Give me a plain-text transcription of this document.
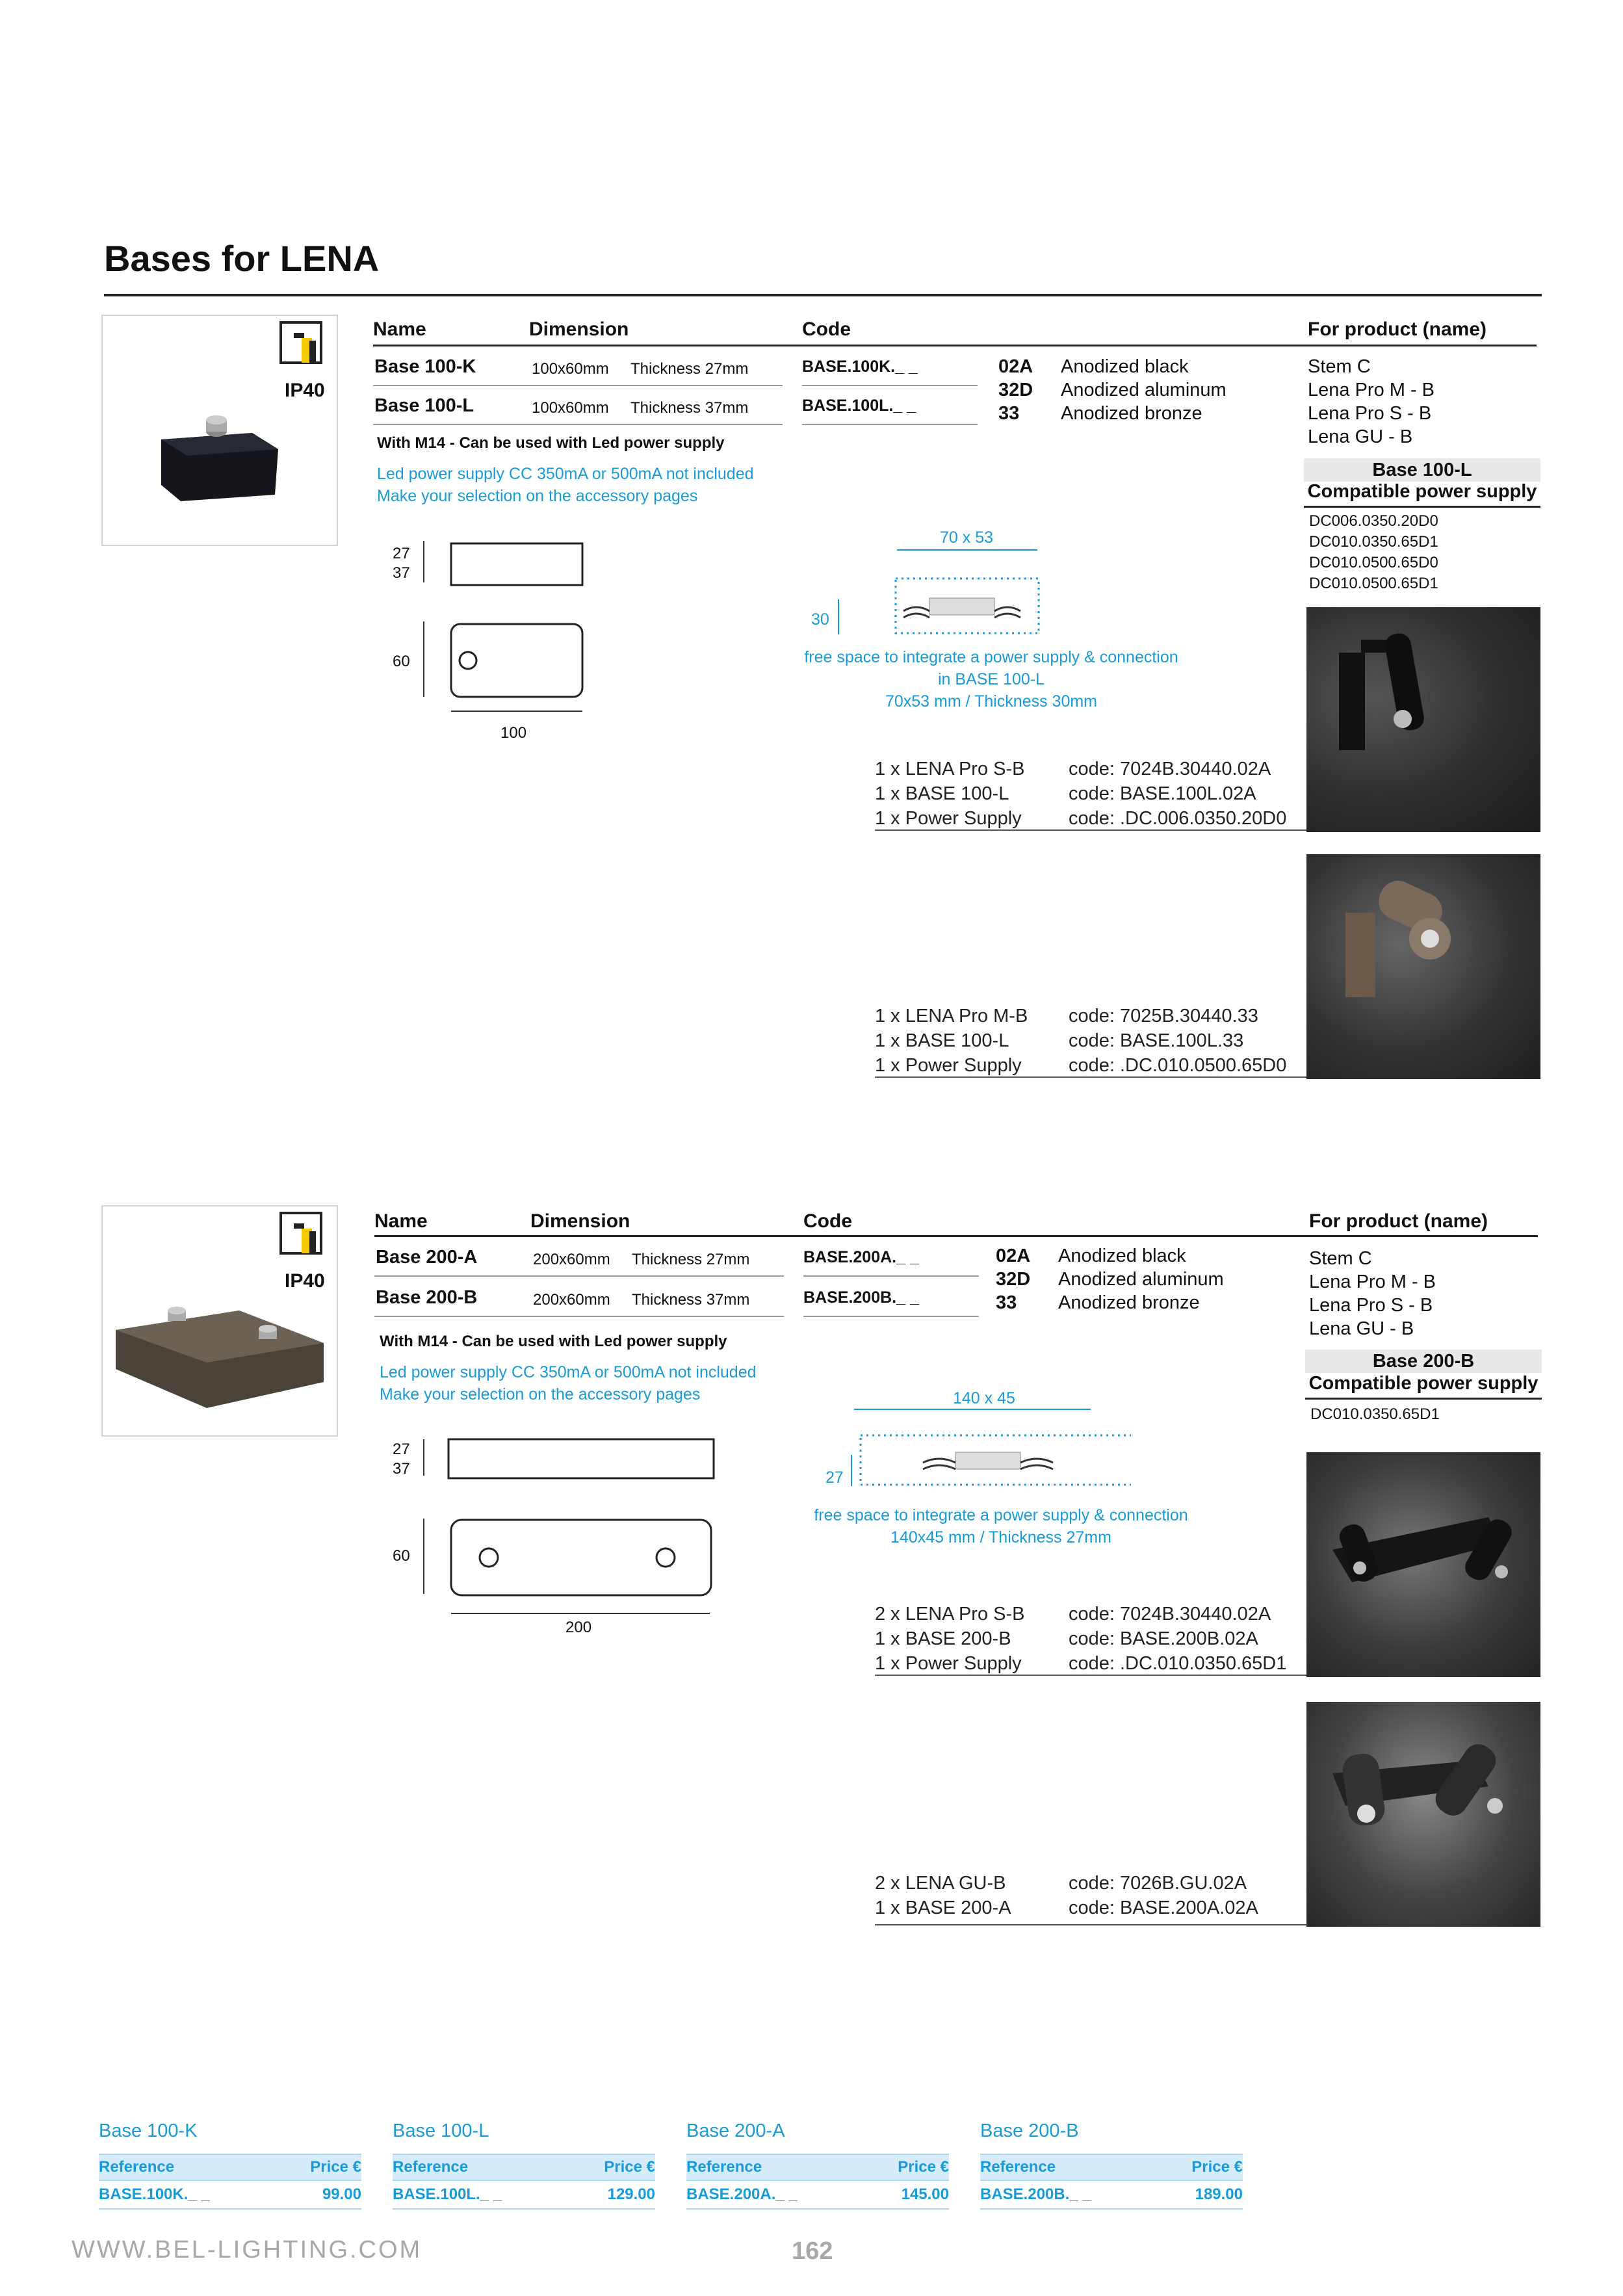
Bases for LENA
IP40
Name	Dimension	Code	For product (name)
Base 100-K	100x60mm Thickness 27mm	BASE.100K._ _
Base 100-L	100x60mm Thickness 37mm	BASE.100L._ _
02A Anodized black
32D Anodized aluminum
33 Anodized bronze
Stem C
Lena Pro M - B
Lena Pro S - B
Lena GU - B
With M14 - Can be used with Led power supply
Led power supply CC 350mA or 500mA not included
Make your selection on the accessory pages
Base 100-L
Compatible power supply
DC006.0350.20D0
DC010.0350.65D1
DC010.0500.65D0
DC010.0500.65D1
27
37
60
100
70 x 53
30
free space to integrate a power supply & connection
in BASE 100-L
70x53 mm / Thickness 30mm
1 x LENA Pro S-B code: 7024B.30440.02A
1 x BASE 100-L	code: BASE.100L.02A
1 x Power Supply code: .DC.006.0350.20D0
1 x LENA Pro M-B code: 7025B.30440.33
1 x BASE 100-L	code: BASE.100L.33
1 x Power Supply code: .DC.010.0500.65D0
IP40
Name	Dimension	Code	For product (name)
Base 200-A	200x60mm Thickness 27mm	BASE.200A._ _
Base 200-B	200x60mm Thickness 37mm	BASE.200B._ _
02A Anodized black
32D Anodized aluminum
33 Anodized bronze
Stem C
Lena Pro M - B
Lena Pro S - B
Lena GU - B
With M14 - Can be used with Led power supply
Led power supply CC 350mA or 500mA not included
Make your selection on the accessory pages
Base 200-B
Compatible power supply
DC010.0350.65D1
27
37
60
200
140 x 45
27
free space to integrate a power supply & connection
140x45 mm / Thickness 27mm
2 x LENA Pro S-B code: 7024B.30440.02A
1 x BASE 200-B	code: BASE.200B.02A
1 x Power Supply code: .DC.010.0350.65D1
2 x LENA GU-B	code: 7026B.GU.02A
1 x BASE 200-A	code: BASE.200A.02A
Base 100-K
Reference	Price €
BASE.100K._ _	99.00
Base 100-L
Reference	Price €
BASE.100L._ _	129.00
Base 200-A
Reference	Price €
BASE.200A._ _	145.00
Base 200-B
Reference	Price €
BASE.200B._ _	189.00
WWW.BEL-LIGHTING.COM	162
